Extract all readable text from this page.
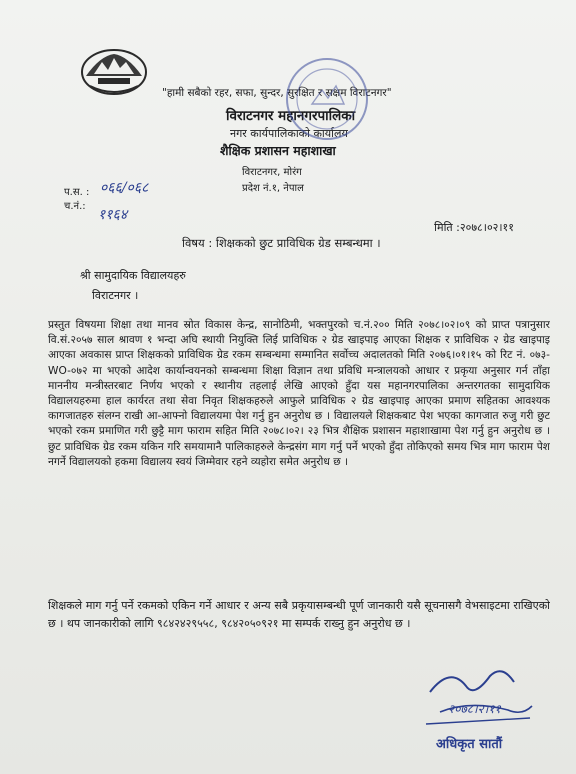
"हामी सबैको रहर, सफा, सुन्दर, सुरक्षित र सक्षम विराटनगर"
विराटनगर महानगरपालिका
नगर कार्यपालिकाको कार्यालय
शैक्षिक प्रशासन महाशाखा
विराटनगर, मोरंग
प्रदेश नं.१, नेपाल
प.स. : ०६६/०६८
च.नं.:
११६४
मिति :२०७८।०२।११
विषय : शिक्षकको छुट प्राविधिक ग्रेड सम्बन्धमा ।
श्री सामुदायिक विद्यालयहरु
विराटनगर ।
प्रस्तुत विषयमा शिक्षा तथा मानव स्रोत विकास केन्द्र, सानोठिमी, भक्तपुरको च.नं.२०० मिति २०७८।०२।०९ को प्राप्त पत्रानुसार वि.सं.२०५७ साल श्रावण १ भन्दा अघि स्थायी नियुक्ति लिई प्राविधिक २ ग्रेड खाइपाइ आएका शिक्षक र प्राविधिक २ ग्रेड खाइपाइ आएका अवकास प्राप्त शिक्षकको प्राविधिक ग्रेड रकम सम्बन्धमा सम्मानित सर्वोच्च अदालतको मिति २०७६।०१।१५ को रिट नं. ०७३-WO-०७२ मा भएको आदेश कार्यान्वयनको सम्बन्धमा शिक्षा विज्ञान तथा प्रविधि मन्त्रालयको आधार र प्रकृया अनुसार गर्न ताँहा माननीय मन्त्रीस्तरबाट निर्णय भएको र स्थानीय तहलाई लेखि आएको हुँदा यस महानगरपालिका अन्तरगतका सामुदायिक विद्यालयहरुमा हाल कार्यरत तथा सेवा निवृत शिक्षकहरुले आफुले प्राविधिक २ ग्रेड खाइपाइ आएका प्रमाण सहितका आवश्यक कागजातहरु संलग्न राखी आ-आफ्नो विद्यालयमा पेश गर्नु हुन अनुरोध छ । विद्यालयले शिक्षकबाट पेश भएका कागजात रुजु गरी छुट भएको रकम प्रमाणित गरी छुट्टै माग फाराम सहित मिति २०७८।०२। २३ भित्र शैक्षिक प्रशासन महाशाखामा पेश गर्नु हुन अनुरोध छ । छुट प्राविधिक ग्रेड रकम यकिन गरि समयामानै पालिकाहरुले केन्द्रसंग माग गर्नु पर्ने भएको हुँदा तोकिएको समय भित्र माग फाराम पेश नगर्ने विद्यालयको हकमा विद्यालय स्वयं जिम्मेवार रहने व्यहोरा समेत अनुरोध छ ।
शिक्षकले माग गर्नु पर्ने रकमको एकिन गर्ने आधार र अन्य सबै प्रकृयासम्बन्धी पूर्ण जानकारी यसै सूचनासगै वेभसाइटमा राखिएको छ । थप जानकारीको लागि ९८४२४२९५५८, ९८४२०५०९२१ मा सम्पर्क राख्नु हुन अनुरोध छ ।
२०७८।२।११
अधिकृत सातौं
